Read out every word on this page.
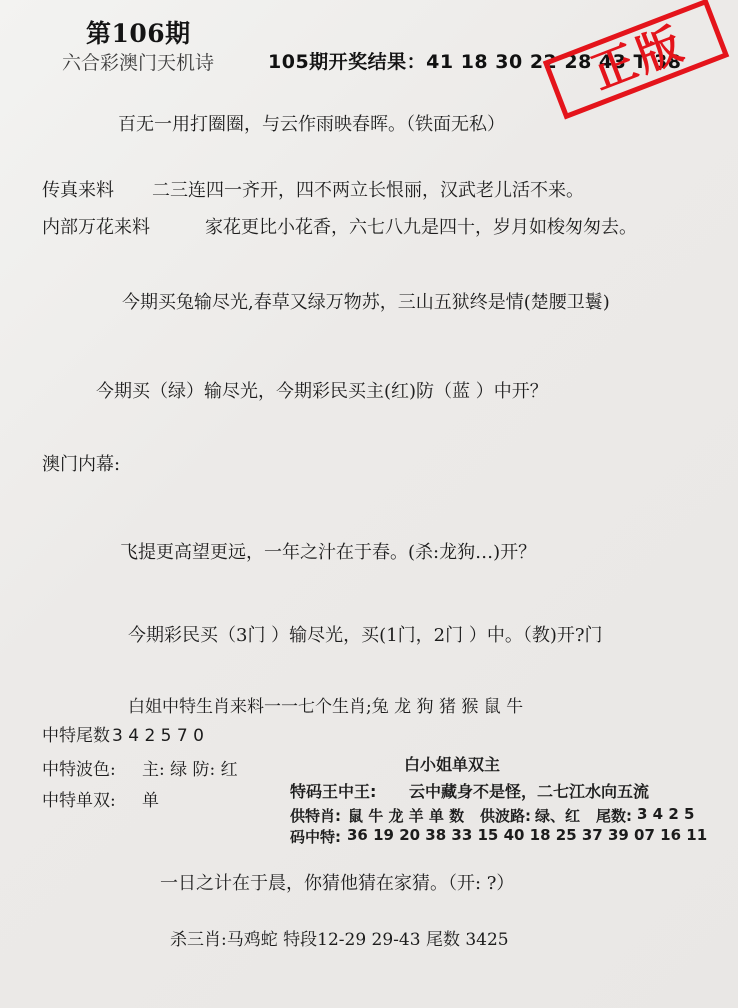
第106期
六合彩澳门天机诗	105期开奖结果：41 18 30 22 28 43 T 38
正版
百无一用打圈圈，与云作雨映春晖。（铁面无私）
传真来料 二三连四一齐开，四不两立长恨丽，汉武老儿活不来。
内部万花来料	家花更比小花香，六七八九是四十，岁月如梭匆匆去。
今期买兔输尽光,春草又绿万物苏，三山五狱终是情(楚腰卫鬟)
今期买（绿）输尽光，今期彩民买主(红)防（蓝 ）中开？
澳门内幕:
飞提更高望更远，一年之汁在于春。(杀:龙狗…)开？
今期彩民买（3门 ）输尽光，买(1门，2门 ）中。（教)开?门
白姐中特生肖来料一一七个生肖;兔 龙 狗 猪 猴 鼠 牛
中特尾数 3 4 2 5 7 0
中特波色: 主: 绿 防: 红
中特单双: 单
白小姐单双主
特码王中王: 云中藏身不是怪，二七江水向五流
供特肖: 鼠 牛 龙 羊 单 数 供波路: 绿、红 尾数: 3 4 2 5
码中特: 36 19 20 38 33 15 40 18 25 37 39 07 16 11
一日之计在于晨，你猜他猜在家猜。（开: ?）
杀三肖:马鸡蛇 特段12-29 29-43 尾数 3425
